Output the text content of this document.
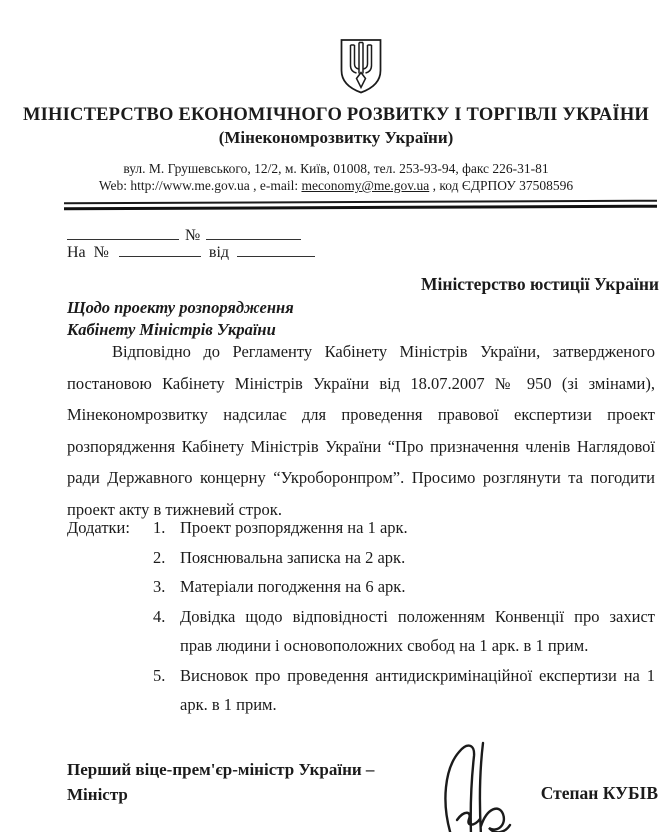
МІНІСТЕРСТВО ЕКОНОМІЧНОГО РОЗВИТКУ І ТОРГІВЛІ УКРАЇНИ
(Мінекономрозвитку України)
вул. М. Грушевського, 12/2, м. Київ, 01008, тел. 253-93-94, факс 226-31-81
Web: http://www.me.gov.ua , e-mail: meconomy@me.gov.ua , код ЄДРПОУ 37508596
№
На №	від
Міністерство юстиції України
Щодо проекту розпорядження
Кабінету Міністрів України

Відповідно до Регламенту Кабінету Міністрів України, затвердженого постановою Кабінету Міністрів України від 18.07.2007 № 950 (зі змінами), Мінекономрозвитку надсилає для проведення правової експертизи проект розпорядження Кабінету Міністрів України “Про призначення членів Наглядової ради Державного концерну “Укроборонпром”. Просимо розглянути та погодити проект акту в тижневий строк.

Додатки: 1. Проект розпорядження на 1 арк.
2. Пояснювальна записка на 2 арк.
3. Матеріали погодження на 6 арк.
4. Довідка щодо відповідності положенням Конвенції про захист прав людини і основоположних свобод на 1 арк. в 1 прим.
5. Висновок про проведення антидискримінаційної експертизи на 1 арк. в 1 прим.
Перший віце-прем'єр-міністр України –
Міністр	Степан КУБІВ
